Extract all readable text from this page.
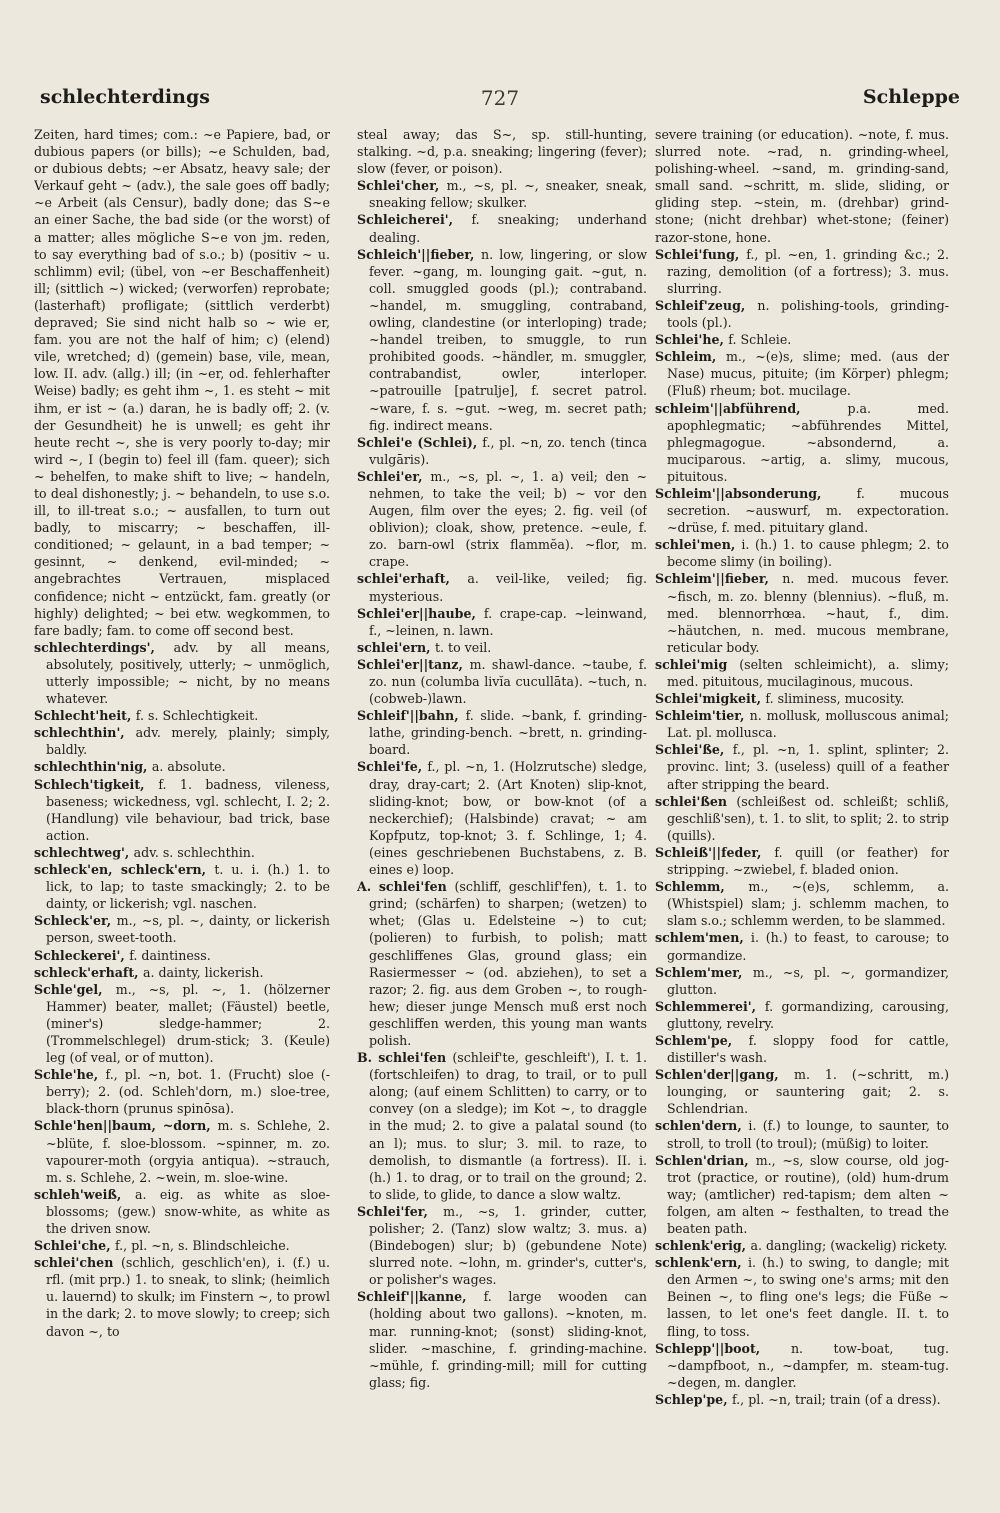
schlechterdings	727	Schleppe

Zeiten, hard times; com.: ~e Papiere, bad, or dubious papers (or bills); ~e Schulden, bad, or dubious debts; ~er Absatz, heavy sale; der Verkauf geht ~ (adv.), the sale goes off badly; ~e Arbeit (als Censur), badly done; das S~e an einer Sache, the bad side (or the worst) of a matter; alles mögliche S~e von jm. reden, to say everything bad of s.o.; b) (positiv ~ u. schlimm) evil; (übel, von ~er Beschaffenheit) ill; (sittlich ~) wicked; (verworfen) reprobate; (lasterhaft) profligate; (sittlich verderbt) depraved; Sie sind nicht halb so ~ wie er, fam. you are not the half of him; c) (elend) vile, wretched; d) (gemein) base, vile, mean, low. II. adv. (allg.) ill; (in ~er, od. fehlerhafter Weise) badly; es geht ihm ~, 1. es steht ~ mit ihm, er ist ~ (a.) daran, he is badly off; 2. (v. der Gesundheit) he is unwell; es geht ihr heute recht ~, she is very poorly to-day; mir wird ~, I (begin to) feel ill (fam. queer); sich ~ behelfen, to make shift to live; ~ handeln, to deal dishonestly; j. ~ behandeln, to use s.o. ill, to ill-treat s.o.; ~ ausfallen, to turn out badly, to miscarry; ~ beschaffen, ill-conditioned; ~ gelaunt, in a bad temper; ~ gesinnt, ~ denkend, evil-minded; ~ angebrachtes Vertrauen, misplaced confidence; nicht ~ entzückt, fam. greatly (or highly) delighted; ~ bei etw. wegkommen, to fare badly; fam. to come off second best.

schlechterdings', adv. by all means, absolutely, positively, utterly; ~ unmöglich, utterly impossible; ~ nicht, by no means whatever.

Schlecht'heit, f. s. Schlechtigkeit.

schlechthin', adv. merely, plainly; simply, baldly.

schlechthin'nig, a. absolute.

Schlech'tigkeit, f. 1. badness, vileness, baseness; wickedness, vgl. schlecht, I. 2; 2. (Handlung) vile behaviour, bad trick, base action.

schlechtweg', adv. s. schlechthin.

schleck'en, schleck'ern, t. u. i. (h.) 1. to lick, to lap; to taste smackingly; 2. to be dainty, or lickerish; vgl. naschen.

Schleck'er, m., ~s, pl. ~, dainty, or lickerish person, sweet-tooth.

Schleckerei', f. daintiness.

schleck'erhaft, a. dainty, lickerish.

Schle'gel, m., ~s, pl. ~, 1. (hölzerner Hammer) beater, mallet; (Fäustel) beetle, (miner's) sledge-hammer; 2. (Trommelschlegel) drum-stick; 3. (Keule) leg (of veal, or of mutton).

Schle'he, f., pl. ~n, bot. 1. (Frucht) sloe (-berry); 2. (od. Schleh'dorn, m.) sloe-tree, black-thorn (prunus spinōsa).

Schle'hen||baum, ~dorn, m. s. Schlehe, 2. ~blüte, f. sloe-blossom. ~spinner, m. zo. vapourer-moth (orgyia antiqua). ~strauch, m. s. Schlehe, 2. ~wein, m. sloe-wine.

schleh'weiß, a. eig. as white as sloe-blossoms; (gew.) snow-white, as white as the driven snow.

Schlei'che, f., pl. ~n, s. Blindschleiche.

schlei'chen (schlich, geschlich'en), i. (f.) u. rfl. (mit prp.) 1. to sneak, to slink; (heimlich u. lauernd) to skulk; im Finstern ~, to prowl in the dark; 2. to move slowly; to creep; sich davon ~, to

steal away; das S~, sp. still-hunting, stalking. ~d, p.a. sneaking; lingering (fever); slow (fever, or poison).

Schlei'cher, m., ~s, pl. ~, sneaker, sneak, sneaking fellow; skulker.

Schleicherei', f. sneaking; underhand dealing.

Schleich'||fieber, n. low, lingering, or slow fever. ~gang, m. lounging gait. ~gut, n. coll. smuggled goods (pl.); contraband. ~handel, m. smuggling, contraband, owling, clandestine (or interloping) trade; ~handel treiben, to smuggle, to run prohibited goods. ~händler, m. smuggler, contrabandist, owler, interloper. ~patrouille [patrulje], f. secret patrol. ~ware, f. s. ~gut. ~weg, m. secret path; fig. indirect means.

Schlei'e (Schlei), f., pl. ~n, zo. tench (tinca vulgāris).

Schlei'er, m., ~s, pl. ~, 1. a) veil; den ~ nehmen, to take the veil; b) ~ vor den Augen, film over the eyes; 2. fig. veil (of oblivion); cloak, show, pretence. ~eule, f. zo. barn-owl (strix flammĕa). ~flor, m. crape.

schlei'erhaft, a. veil-like, veiled; fig. mysterious.

Schlei'er||haube, f. crape-cap. ~leinwand, f., ~leinen, n. lawn.

schlei'ern, t. to veil.

Schlei'er||tanz, m. shawl-dance. ~taube, f. zo. nun (columba livĭa cucullāta). ~tuch, n. (cobweb-)lawn.

Schleif'||bahn, f. slide. ~bank, f. grinding-lathe, grinding-bench. ~brett, n. grinding-board.

Schlei'fe, f., pl. ~n, 1. (Holzrutsche) sledge, dray, dray-cart; 2. (Art Knoten) slip-knot, sliding-knot; bow, or bow-knot (of a neckerchief); (Halsbinde) cravat; ~ am Kopfputz, top-knot; 3. f. Schlinge, 1; 4. (eines geschriebenen Buchstabens, z. B. eines e) loop.

A. schlei'fen (schliff, geschlif'fen), t. 1. to grind; (schärfen) to sharpen; (wetzen) to whet; (Glas u. Edelsteine ~) to cut; (polieren) to furbish, to polish; matt geschliffenes Glas, ground glass; ein Rasiermesser ~ (od. abziehen), to set a razor; 2. fig. aus dem Groben ~, to rough-hew; dieser junge Mensch muß erst noch geschliffen werden, this young man wants polish.

B. schlei'fen (schleif'te, geschleift'), I. t. 1. (fortschleifen) to drag, to trail, or to pull along; (auf einem Schlitten) to carry, or to convey (on a sledge); im Kot ~, to draggle in the mud; 2. to give a palatal sound (to an l); mus. to slur; 3. mil. to raze, to demolish, to dismantle (a fortress). II. i. (h.) 1. to drag, or to trail on the ground; 2. to slide, to glide, to dance a slow waltz.

Schlei'fer, m., ~s, 1. grinder, cutter, polisher; 2. (Tanz) slow waltz; 3. mus. a) (Bindebogen) slur; b) (gebundene Note) slurred note. ~lohn, m. grinder's, cutter's, or polisher's wages.

Schleif'||kanne, f. large wooden can (holding about two gallons). ~knoten, m. mar. running-knot; (sonst) sliding-knot, slider. ~maschine, f. grinding-machine. ~mühle, f. grinding-mill; mill for cutting glass; fig.

severe training (or education). ~note, f. mus. slurred note. ~rad, n. grinding-wheel, polishing-wheel. ~sand, m. grinding-sand, small sand. ~schritt, m. slide, sliding, or gliding step. ~stein, m. (drehbar) grind-stone; (nicht drehbar) whet-stone; (feiner) razor-stone, hone.

Schlei'fung, f., pl. ~en, 1. grinding &c.; 2. razing, demolition (of a fortress); 3. mus. slurring.

Schleif'zeug, n. polishing-tools, grinding-tools (pl.).

Schlei'he, f. Schleie.

Schleim, m., ~(e)s, slime; med. (aus der Nase) mucus, pituite; (im Körper) phlegm; (Fluß) rheum; bot. mucilage.

schleim'||abführend, p.a. med. apophlegmatic; ~abführendes Mittel, phlegmagogue. ~absondernd, a. muciparous. ~artig, a. slimy, mucous, pituitous.

Schleim'||absonderung, f. mucous secretion. ~auswurf, m. expectoration. ~drüse, f. med. pituitary gland.

schlei'men, i. (h.) 1. to cause phlegm; 2. to become slimy (in boiling).

Schleim'||fieber, n. med. mucous fever. ~fisch, m. zo. blenny (blennius). ~fluß, m. med. blennorrhœa. ~haut, f., dim. ~häutchen, n. med. mucous membrane, reticular body.

schlei'mig (selten schleimicht), a. slimy; med. pituitous, mucilaginous, mucous.

Schlei'migkeit, f. sliminess, mucosity.

Schleim'tier, n. mollusk, molluscous animal; Lat. pl. mollusca.

Schlei'ße, f., pl. ~n, 1. splint, splinter; 2. provinc. lint; 3. (useless) quill of a feather after stripping the beard.

schlei'ßen (schleißest od. schleißt; schliß, geschliß'sen), t. 1. to slit, to split; 2. to strip (quills).

Schleiß'||feder, f. quill (or feather) for stripping. ~zwiebel, f. bladed onion.

Schlemm, m., ~(e)s, schlemm, a. (Whistspiel) slam; j. schlemm machen, to slam s.o.; schlemm werden, to be slammed.

schlem'men, i. (h.) to feast, to carouse; to gormandize.

Schlem'mer, m., ~s, pl. ~, gormandizer, glutton.

Schlemmerei', f. gormandizing, carousing, gluttony, revelry.

Schlem'pe, f. sloppy food for cattle, distiller's wash.

Schlen'der||gang, m. 1. (~schritt, m.) lounging, or sauntering gait; 2. s. Schlendrian.

schlen'dern, i. (f.) to lounge, to saunter, to stroll, to troll (to troul); (müßig) to loiter.

Schlen'drian, m., ~s, slow course, old jog-trot (practice, or routine), (old) hum-drum way; (amtlicher) red-tapism; dem alten ~ folgen, am alten ~ festhalten, to tread the beaten path.

schlenk'erig, a. dangling; (wackelig) rickety.

schlenk'ern, i. (h.) to swing, to dangle; mit den Armen ~, to swing one's arms; mit den Beinen ~, to fling one's legs; die Füße ~ lassen, to let one's feet dangle. II. t. to fling, to toss.

Schlepp'||boot, n. tow-boat, tug. ~dampfboot, n., ~dampfer, m. steam-tug. ~degen, m. dangler.

Schlep'pe, f., pl. ~n, trail; train (of a dress).
